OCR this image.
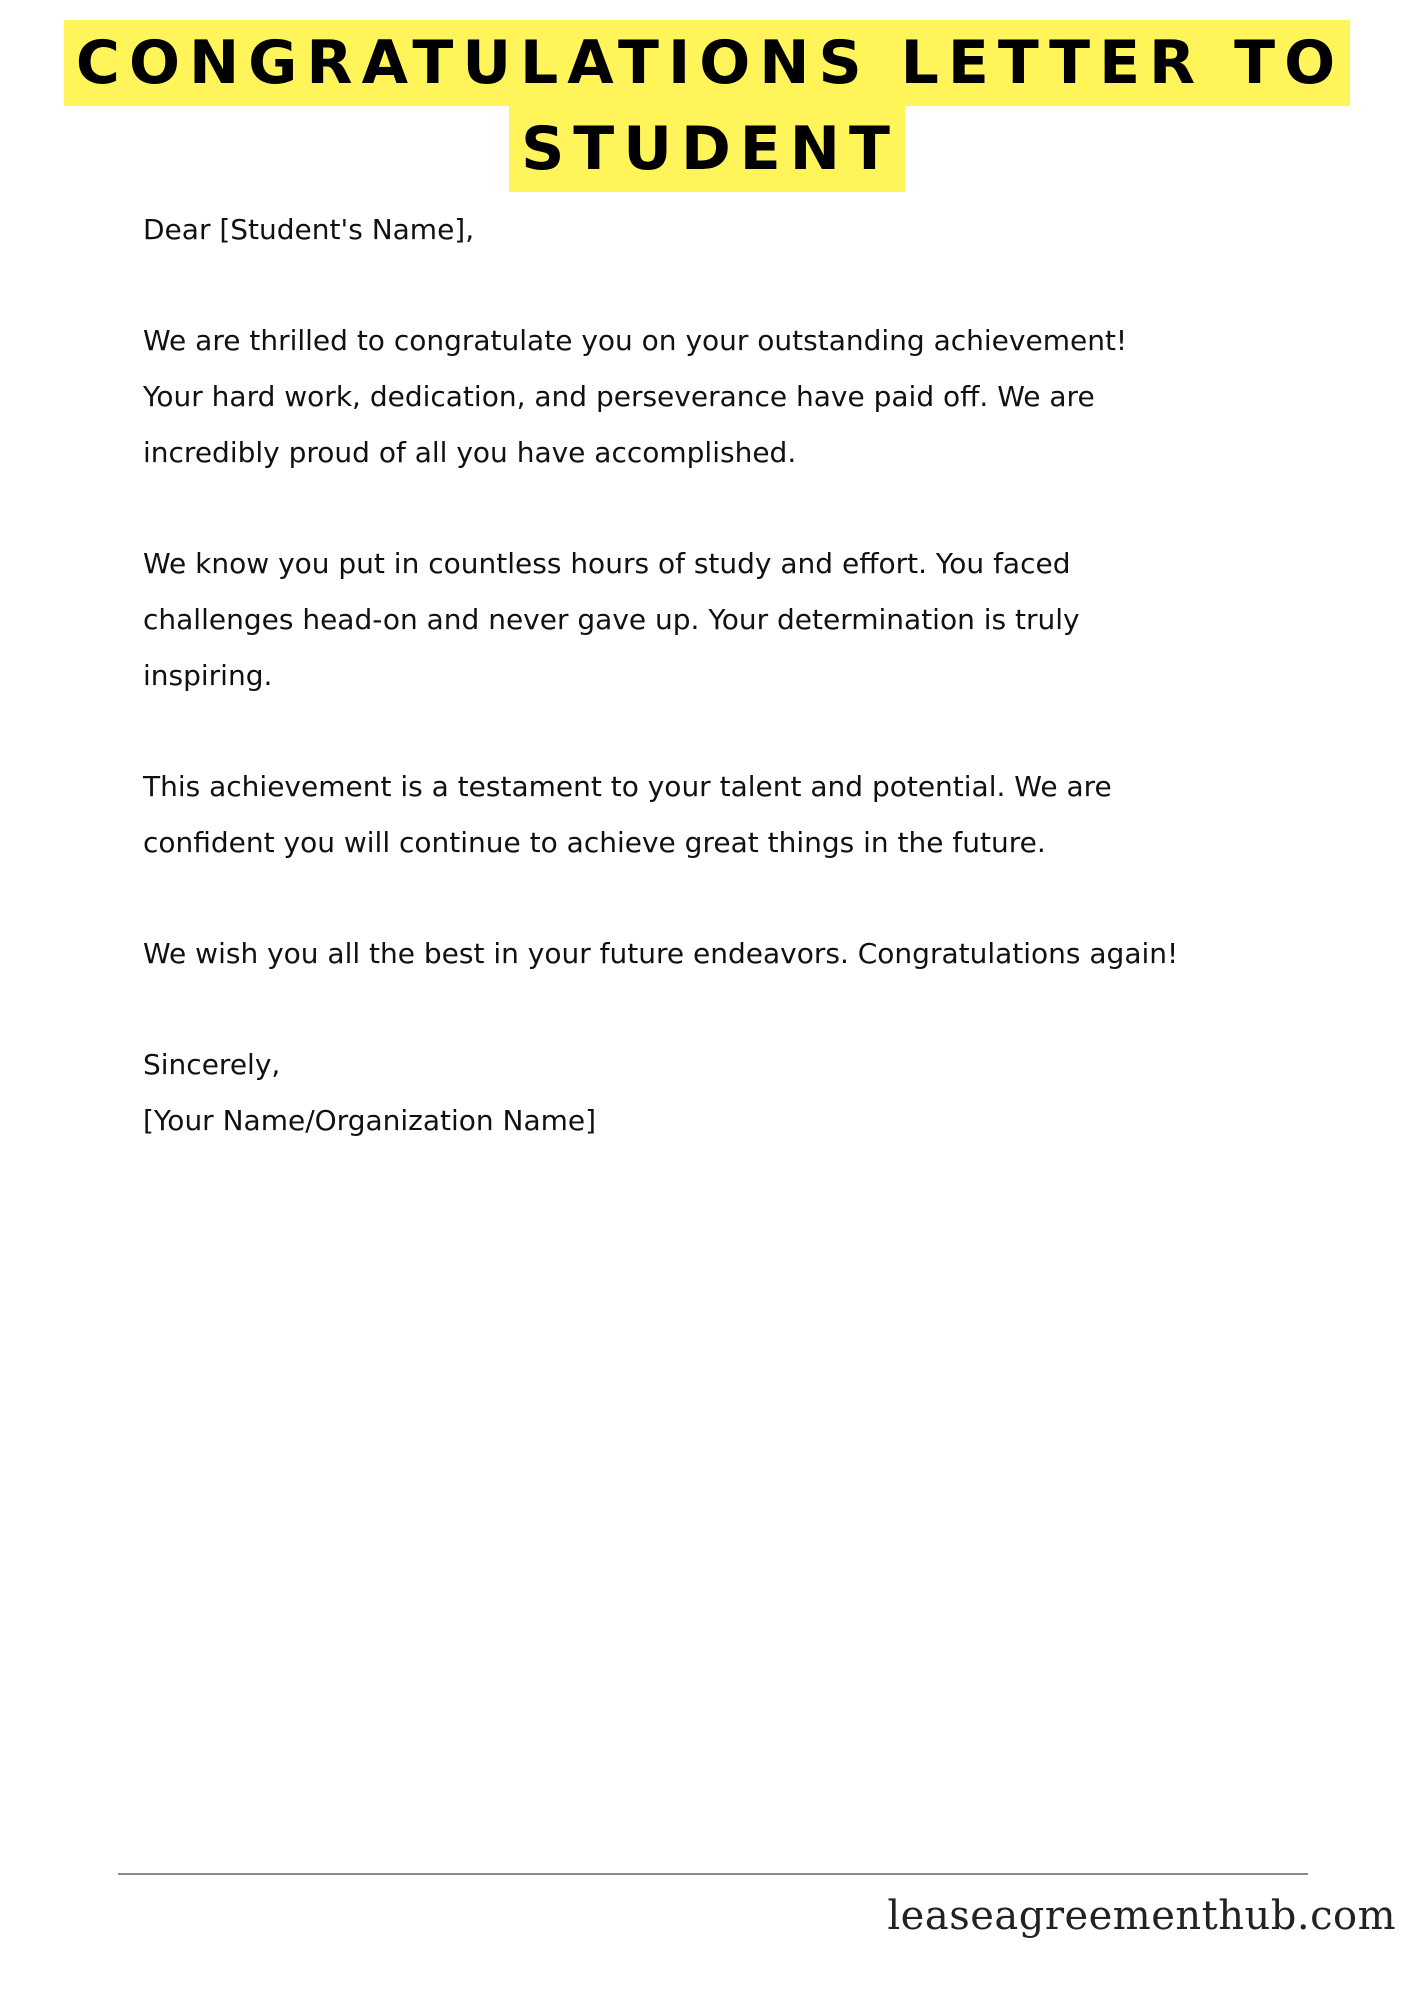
CONGRATULATIONS LETTER TO
STUDENT

Dear [Student's Name],

We are thrilled to congratulate you on your outstanding achievement!
Your hard work, dedication, and perseverance have paid off. We are
incredibly proud of all you have accomplished.

We know you put in countless hours of study and effort. You faced
challenges head-on and never gave up. Your determination is truly
inspiring.

This achievement is a testament to your talent and potential. We are
confident you will continue to achieve great things in the future.

We wish you all the best in your future endeavors. Congratulations again!

Sincerely,
[Your Name/Organization Name]

leaseagreementhub.com
